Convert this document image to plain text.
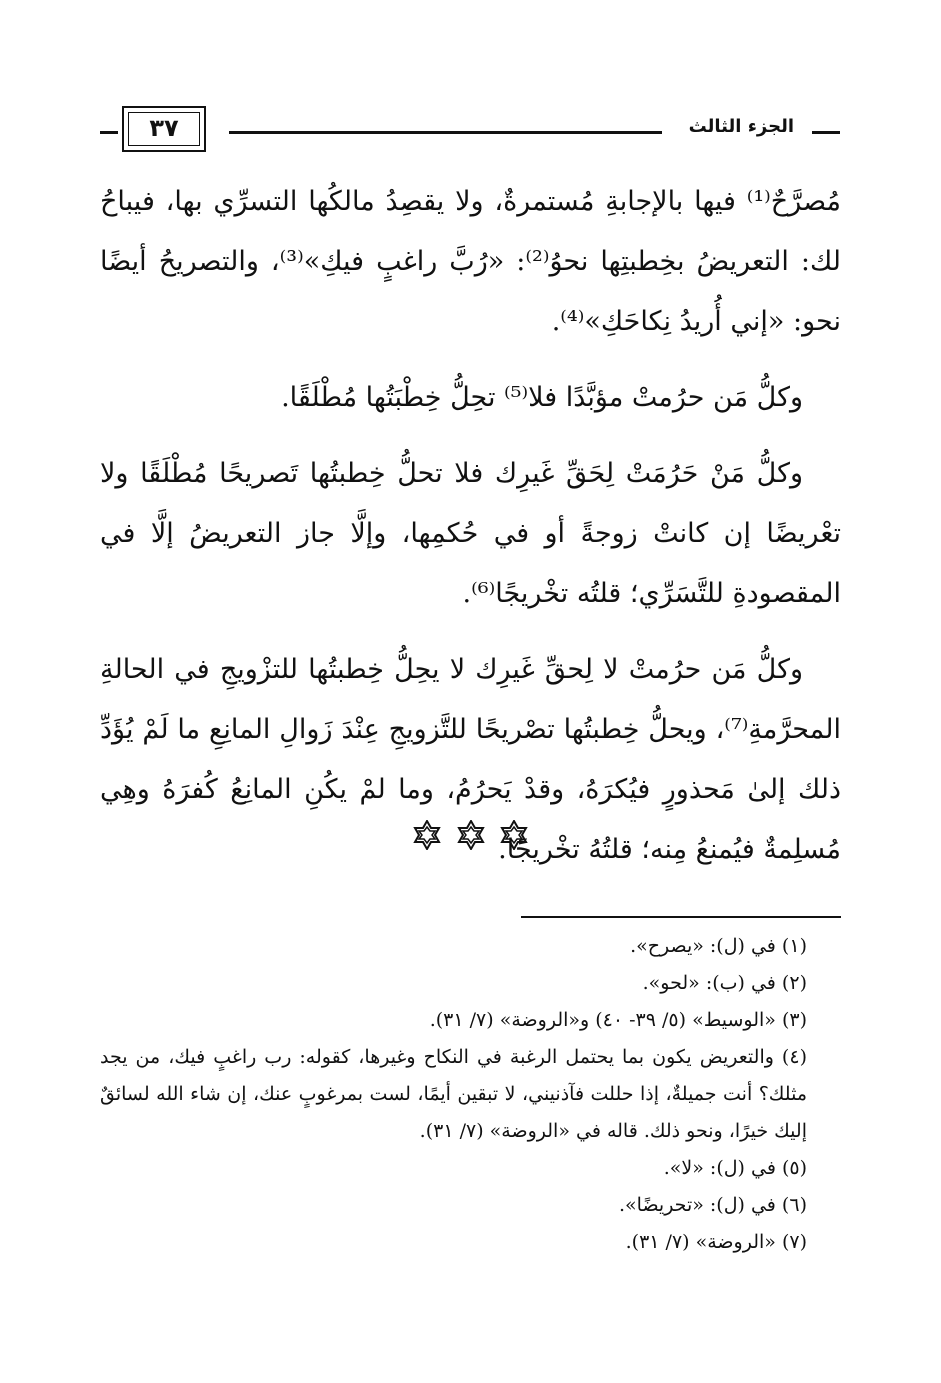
الجزء الثالث
٣٧

مُصرَّحٌ⁽¹⁾ فيها بالإجابةِ مُستمرةٌ، ولا يقصِدُ مالكُها التسرِّي بها، فيباحُ لك: التعريضُ بخِطبتِها نحوُ⁽²⁾: «رُبَّ راغبٍ فيكِ»⁽³⁾، والتصريحُ أيضًا نحو: «إني أُريدُ نِكاحَكِ»⁽⁴⁾.

وكلُّ مَن حرُمتْ مؤبَّدًا فلا⁽⁵⁾ تحِلُّ خِطْبَتُها مُطْلَقًا.

وكلُّ مَنْ حَرُمَتْ لِحَقِّ غَيرِك فلا تحلُّ خِطبتُها تَصريحًا مُطْلَقًا ولا تعْريضًا إن كانتْ زوجةً أو في حُكمِها، وإلَّا جاز التعريضُ إلَّا في المقصودةِ للتَّسَرِّي؛ قلتُه تخْريجًا⁽⁶⁾.

وكلُّ مَن حرُمتْ لا لِحقِّ غَيرِك لا يحِلُّ خِطبتُها للتزْويجِ في الحالةِ المحرَّمةِ⁽⁷⁾، ويحلُّ خِطبتُها تصْريحًا للتَّزويجِ عِنْدَ زَوالِ المانِعِ ما لَمْ يُؤَدِّ ذلك إلىٰ مَحذورٍ فيُكرَهُ، وقدْ يَحرُمُ، وما لمْ يكُنِ المانِعُ كُفرَهُ وهِي مُسلِمةٌ فيُمنعُ مِنه؛ قلتُهُ تخْريجًا.

(١) في (ل): «يصرح».

(٢) في (ب): «لحو».

(٣) «الوسيط» (٥/ ٣٩- ٤٠) و«الروضة» (٧/ ٣١).

(٤) والتعريض يكون بما يحتمل الرغبة في النكاح وغيرها، كقوله: رب راغبٍ فيك، من يجد مثلك؟ أنت جميلةٌ، إذا حللت فآذنيني، لا تبقين أيمًا، لست بمرغوبٍ عنك، إن شاء الله لسائقٌ إليك خيرًا، ونحو ذلك. قاله في «الروضة» (٧/ ٣١).

(٥) في (ل): «لا».

(٦) في (ل): «تحريضًا».

(٧) «الروضة» (٧/ ٣١).
